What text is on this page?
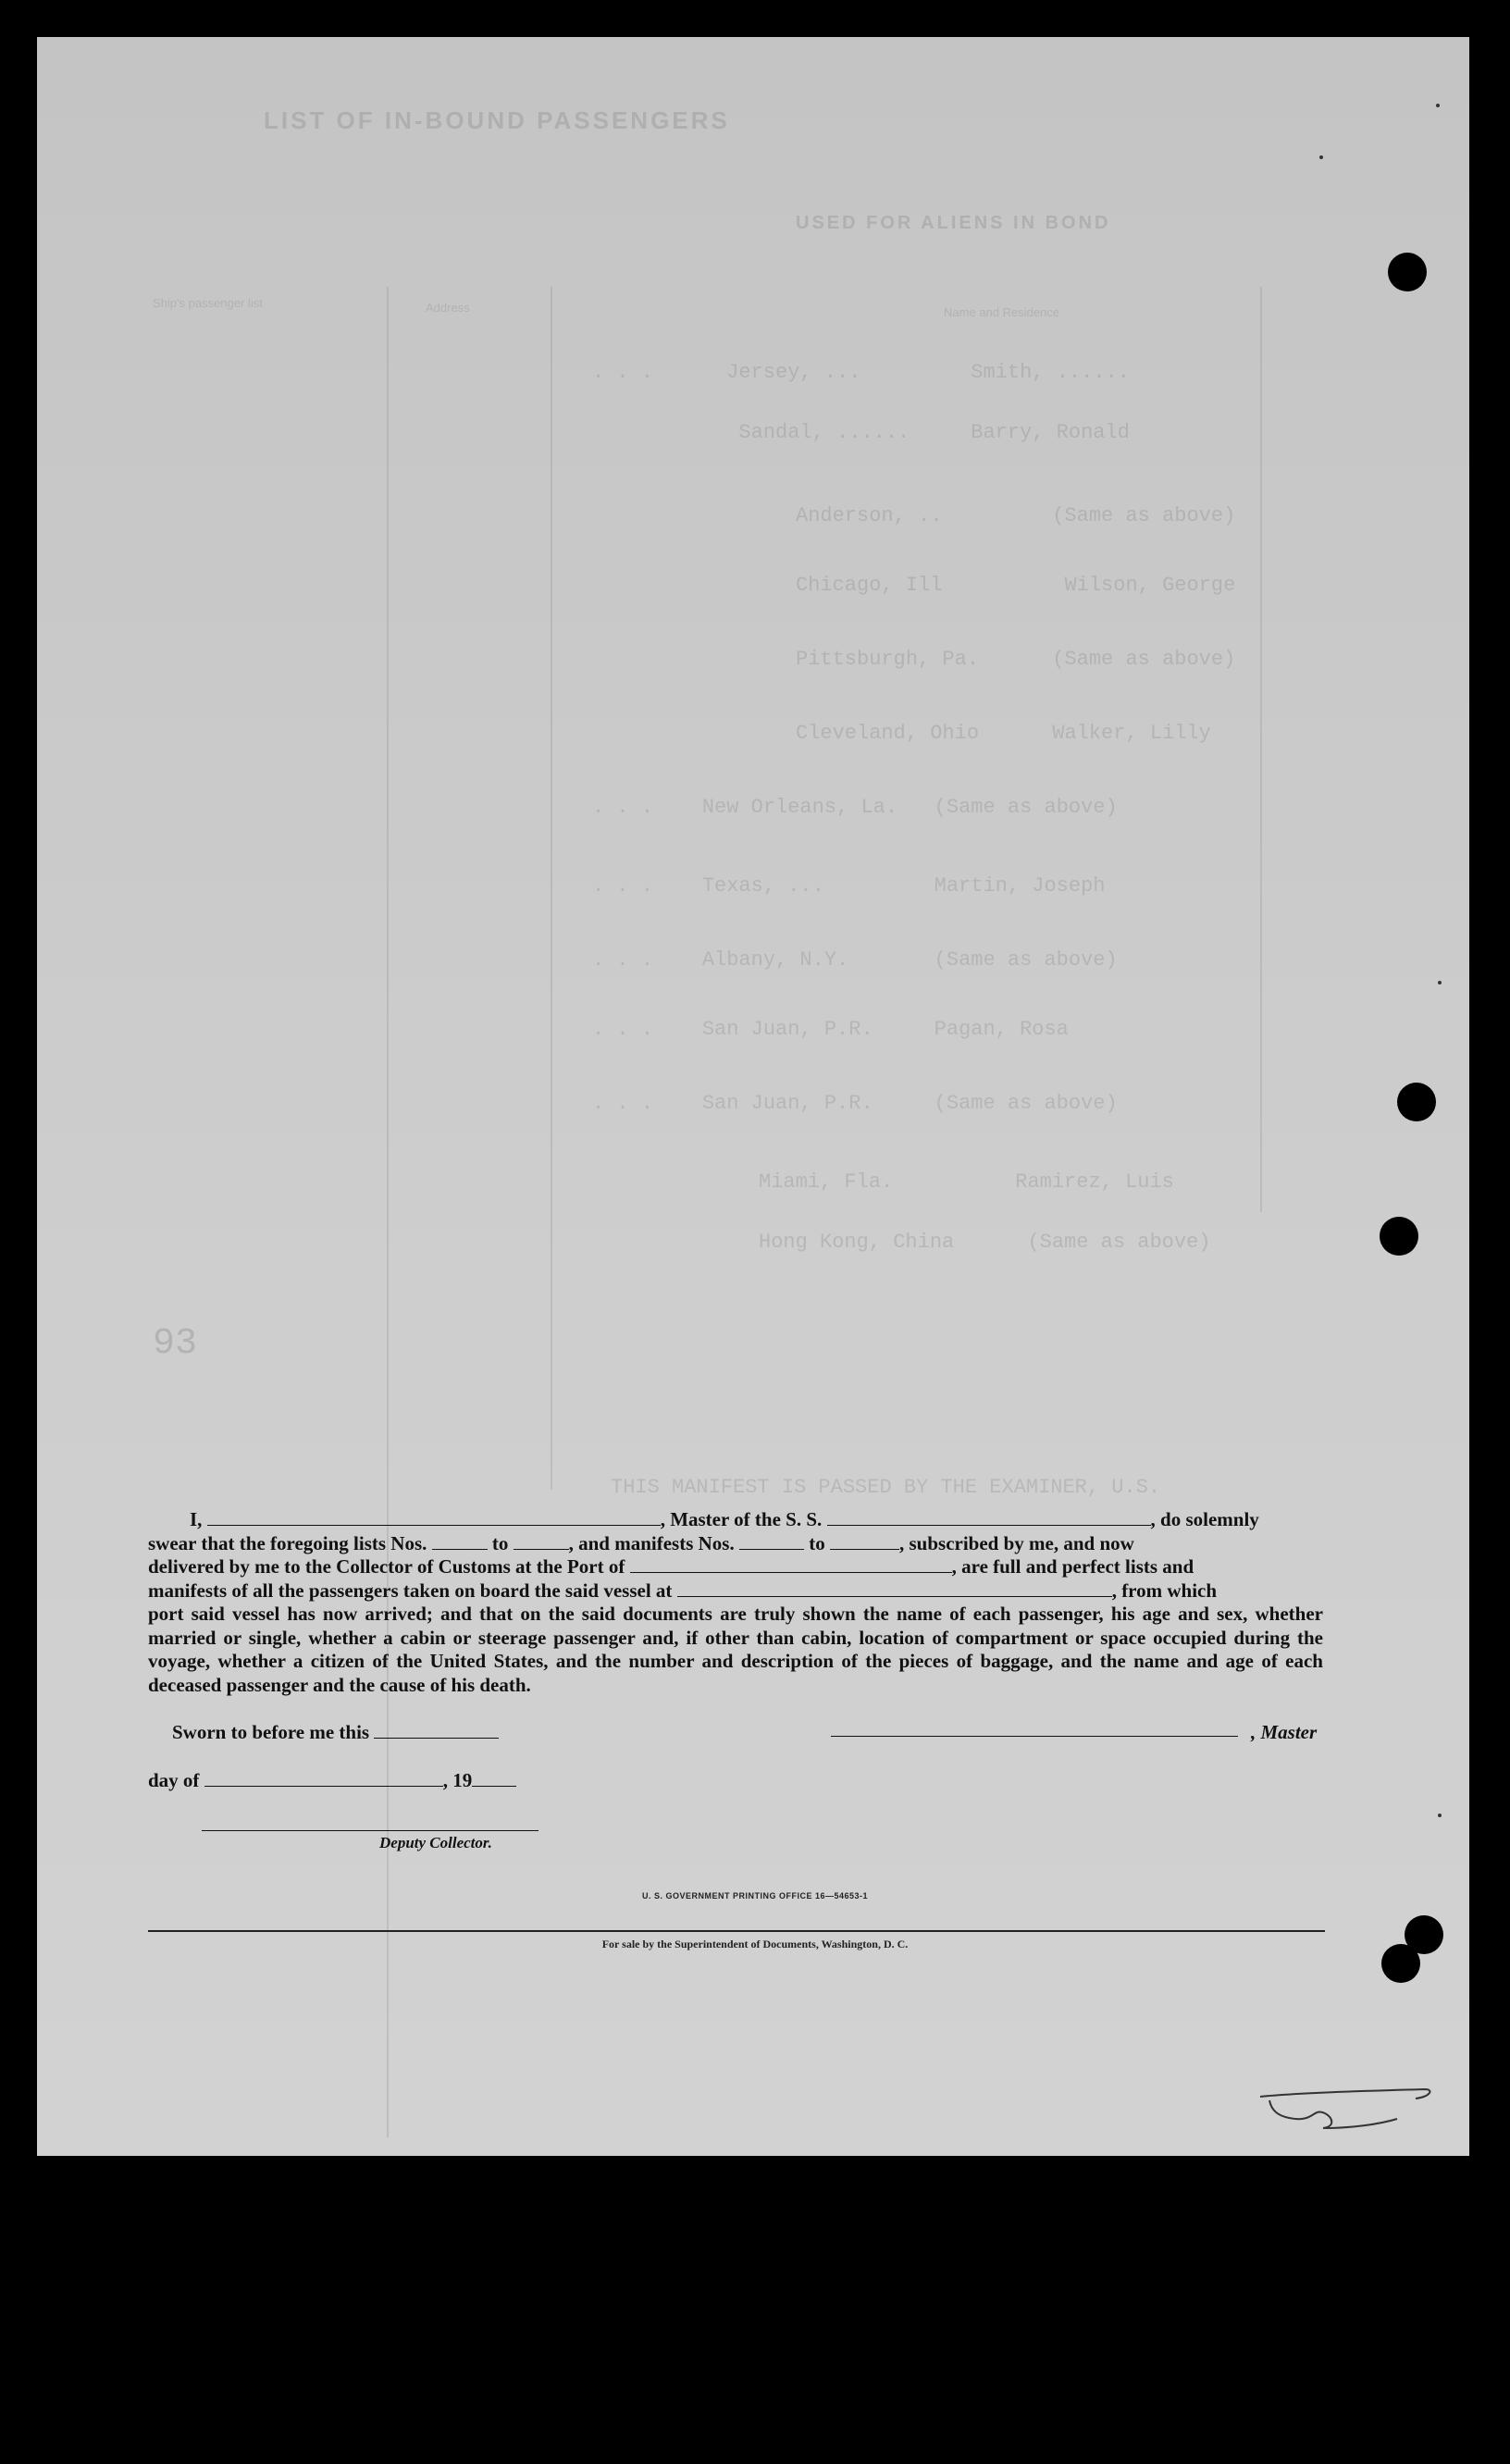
LIST OF IN-BOUND PASSENGERS
USED FOR ALIENS IN BOND
Ship's passenger list	Address	Name and Residence
. . .      Jersey, ...         Smith, ......
Sandal, ......     Barry, Ronald
Anderson, ..         (Same as above)
Chicago, Ill          Wilson, George
Pittsburgh, Pa.      (Same as above)
Cleveland, Ohio      Walker, Lilly
. . .    New Orleans, La.   (Same as above)
. . .    Texas, ...         Martin, Joseph
. . .    Albany, N.Y.       (Same as above)
. . .    San Juan, P.R.     Pagan, Rosa
. . .    San Juan, P.R.     (Same as above)
Miami, Fla.          Ramirez, Luis
Hong Kong, China      (Same as above)
THIS MANIFEST IS PASSED BY THE EXAMINER, U.S.
93

I,	, Master of the S. S.	, do solemnly

swear that the foregoing lists Nos.	to	, and manifests Nos.	to	, subscribed by me, and now

delivered by me to the Collector of Customs at the Port of	, are full and perfect lists and

manifests of all the passengers taken on board the said vessel at	, from which

port said vessel has now arrived; and that on the said documents are truly shown the name of each passenger, his age and sex, whether married or single, whether a cabin or steerage passenger and, if other than cabin, location of compartment or space occupied during the voyage, whether a citizen of the United States, and the number and description of the pieces of baggage, and the name and age of each deceased passenger and the cause of his death.

Sworn to before me this	, Master
day of	, 19
Deputy Collector.
U. S. GOVERNMENT PRINTING OFFICE 16—54653-1
For sale by the Superintendent of Documents, Washington, D. C.
